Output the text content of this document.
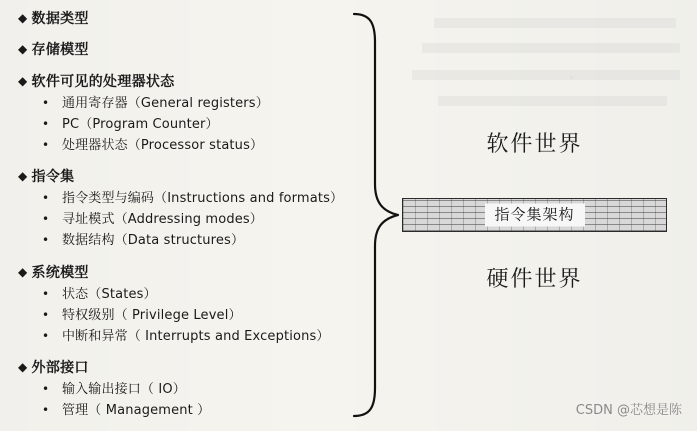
◆ 数据类型
◆ 存储模型
◆ 软件可见的处理器状态
• 通用寄存器（General registers）
• PC（Program Counter）
• 处理器状态（Processor status）
◆ 指令集
• 指令类型与编码（Instructions and formats）
• 寻址模式（Addressing modes）
• 数据结构（Data structures）
◆ 系统模型
• 状态（States）
• 特权级别（ Privilege Level）
• 中断和异常（ Interrupts and Exceptions）
◆ 外部接口
• 输入输出接口（ IO）
• 管理（ Management ）
软件世界
指令集架构
硬件世界
CSDN @芯想是陈
